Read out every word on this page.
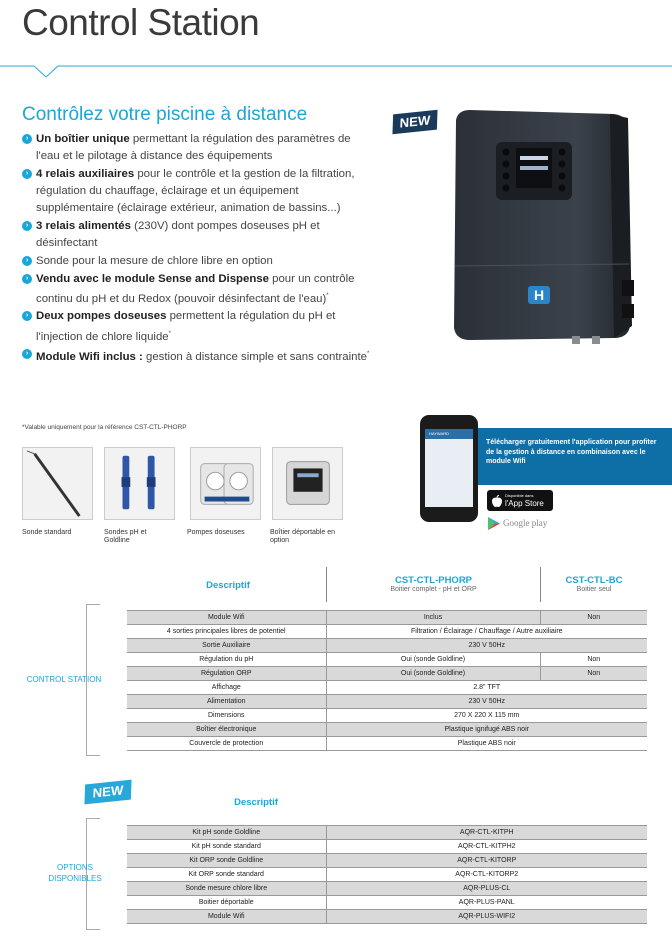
Control Station
Contrôlez votre piscine à distance
› Un boîtier unique permettant la régulation des paramètres de l'eau et le pilotage à distance des équipements
› 4 relais auxiliaires pour le contrôle et la gestion de la filtration, régulation du chauffage, éclairage et un équipement supplémentaire (éclairage extérieur, animation de bassins...)
› 3 relais alimentés (230V) dont pompes doseuses pH et désinfectant
› Sonde pour la mesure de chlore libre en option
› Vendu avec le module Sense and Dispense pour un contrôle continu du pH et du Redox (pouvoir désinfectant de l'eau)*
› Deux pompes doseuses permettent la régulation du pH et l'injection de chlore liquide*
› Module Wifi inclus : gestion à distance simple et sans contrainte*
*Valable uniquement pour la référence CST-CTL-PHORP
NEW
H
Sonde standard	Sondes pH et Goldline
Pompes doseuses	Boîtier déportable en option
Télécharger gratuitement l'application pour profiter de la gestion à distance en combinaison avec le module Wifi
HAYWARD
Disponible dans
l'App Store
Google play
Descriptif	CST-CTL-PHORP
Boitier complet - pH et ORP
CST-CTL-BC
Boitier seul
CONTROL STATION
Module Wifi	Inclus	Non
4 sorties principales libres de potentiel	Filtration / Éclairage / Chauffage / Autre auxiliaire	
Sortie Auxiliaire	230 V 50Hz	
Régulation du pH	Oui (sonde Goldline)	Non
Régulation ORP	Oui (sonde Goldline)	Non
Affichage	2.8" TFT	
Alimentation	230 V 50Hz	
Dimensions	270 X 220 X 115 mm	
Boîtier électronique	Plastique ignifugé ABS noir	
Couvercle de protection	Plastique ABS noir	
NEW
Descriptif
OPTIONS
DISPONIBLES
Kit pH sonde Goldline	AQR-CTL-KITPH
Kit pH sonde standard	AQR-CTL-KITPH2
Kit ORP sonde Goldline	AQR-CTL-KITORP
Kit ORP sonde standard	AQR-CTL-KITORP2
Sonde mesure chlore libre	AQR-PLUS-CL
Boitier déportable	AQR-PLUS-PANL
Module Wifi	AQR-PLUS-WIFI2
